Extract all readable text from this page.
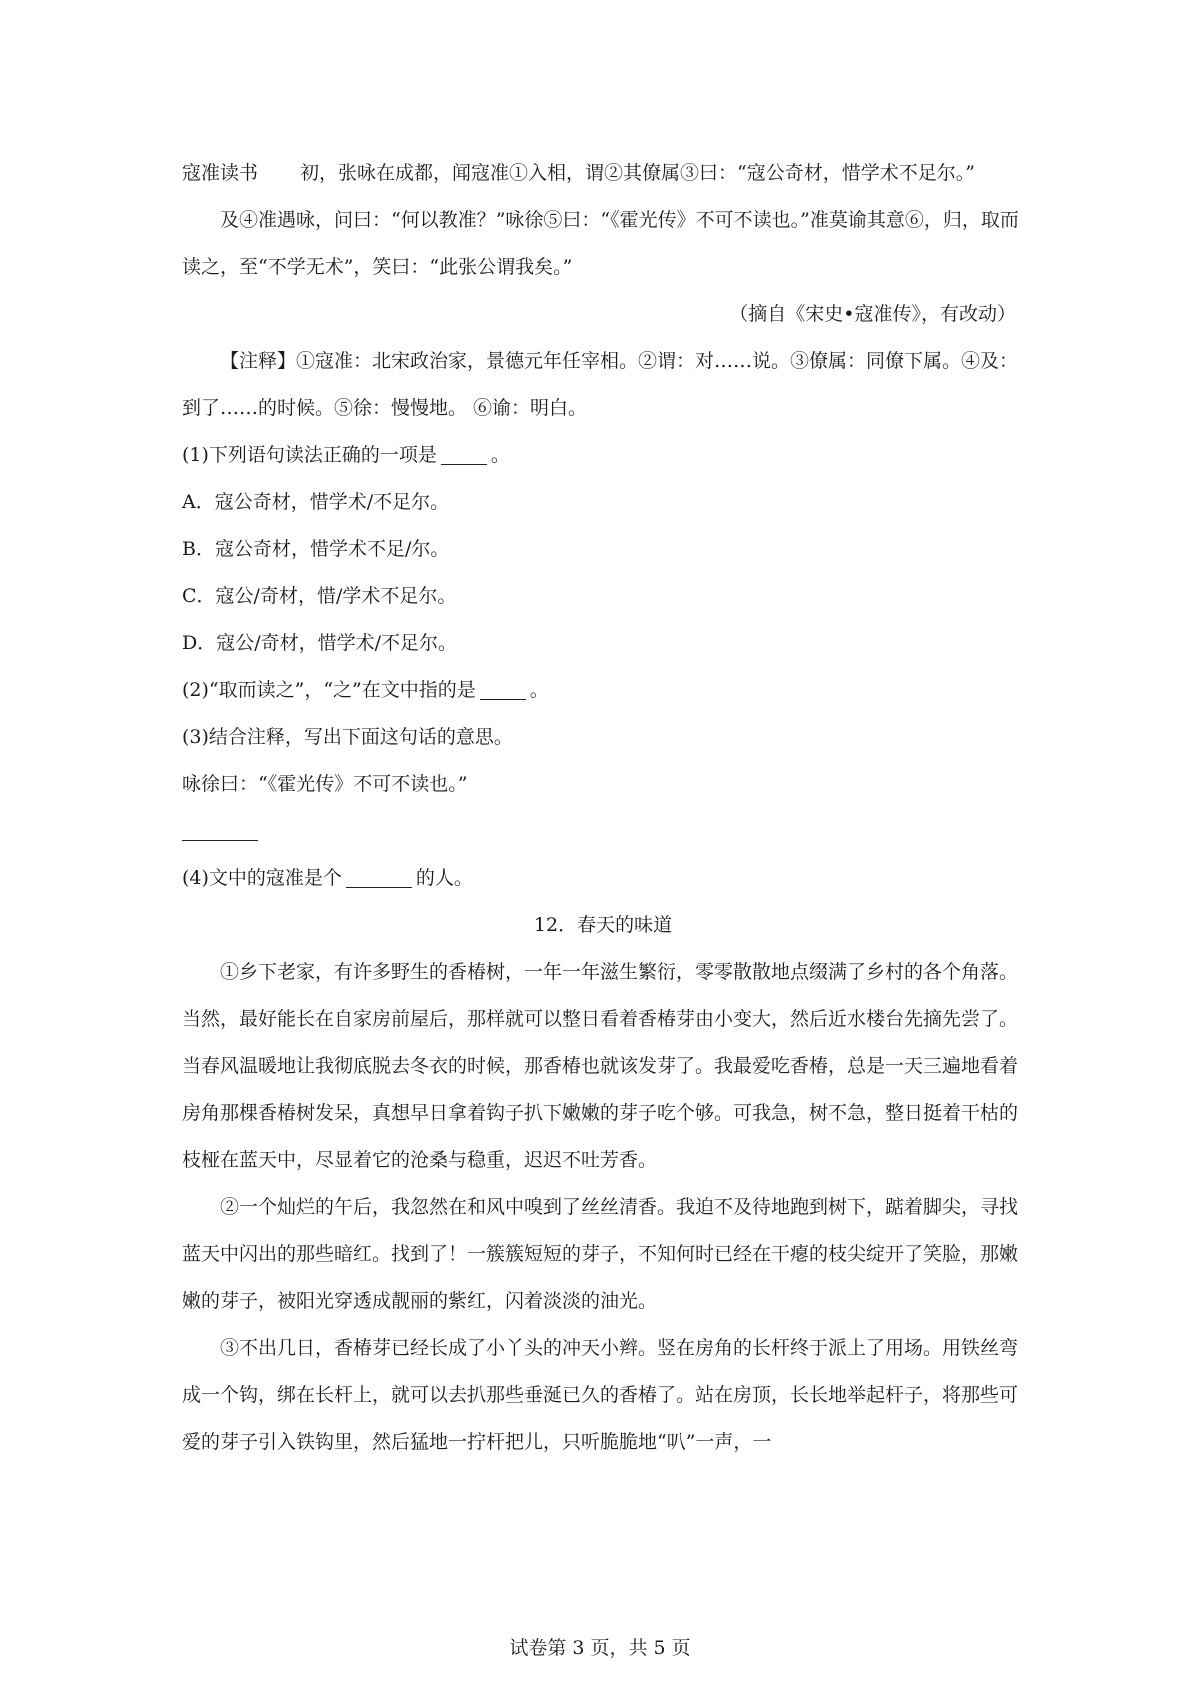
寇准读书 初，张咏在成都，闻寇准①入相，谓②其僚属③曰：“寇公奇材，惜学术不足尔。”

及④准遇咏，问曰：“何以教准？”咏徐⑤曰：“《霍光传》不可不读也。”准莫谕其意⑥，归，取而读之，至“不学无术”，笑曰：“此张公谓我矣。”

（摘自《宋史•寇准传》，有改动）

【注释】①寇准：北宋政治家，景德元年任宰相。②谓：对……说。③僚属：同僚下属。④及：到了……的时候。⑤徐：慢慢地。 ⑥谕：明白。

(1)下列语句读法正确的一项是	。

A．寇公奇材，惜学术/不足尔。

B．寇公奇材，惜学术不足/尔。

C．寇公/奇材，惜/学术不足尔。

D．寇公/奇材，惜学术/不足尔。

(2)“取而读之”，“之”在文中指的是	。

(3)结合注释，写出下面这句话的意思。

咏徐曰：“《霍光传》不可不读也。”

(4)文中的寇准是个	的人。

12．春天的味道

①乡下老家，有许多野生的香椿树，一年一年滋生繁衍，零零散散地点缀满了乡村的各个角落。当然，最好能长在自家房前屋后，那样就可以整日看着香椿芽由小变大，然后近水楼台先摘先尝了。当春风温暖地让我彻底脱去冬衣的时候，那香椿也就该发芽了。我最爱吃香椿，总是一天三遍地看着房角那棵香椿树发呆，真想早日拿着钩子扒下嫩嫩的芽子吃个够。可我急，树不急，整日挺着干枯的枝桠在蓝天中，尽显着它的沧桑与稳重，迟迟不吐芳香。

②一个灿烂的午后，我忽然在和风中嗅到了丝丝清香。我迫不及待地跑到树下，踮着脚尖，寻找蓝天中闪出的那些暗红。找到了！一簇簇短短的芽子，不知何时已经在干瘪的枝尖绽开了笑脸，那嫩嫩的芽子，被阳光穿透成靓丽的紫红，闪着淡淡的油光。

③不出几日，香椿芽已经长成了小丫头的冲天小辫。竖在房角的长杆终于派上了用场。用铁丝弯成一个钩，绑在长杆上，就可以去扒那些垂涎已久的香椿了。站在房顶，长长地举起杆子，将那些可爱的芽子引入铁钩里，然后猛地一拧杆把儿，只听脆脆地“叭”一声，一

试卷第 3 页，共 5 页
